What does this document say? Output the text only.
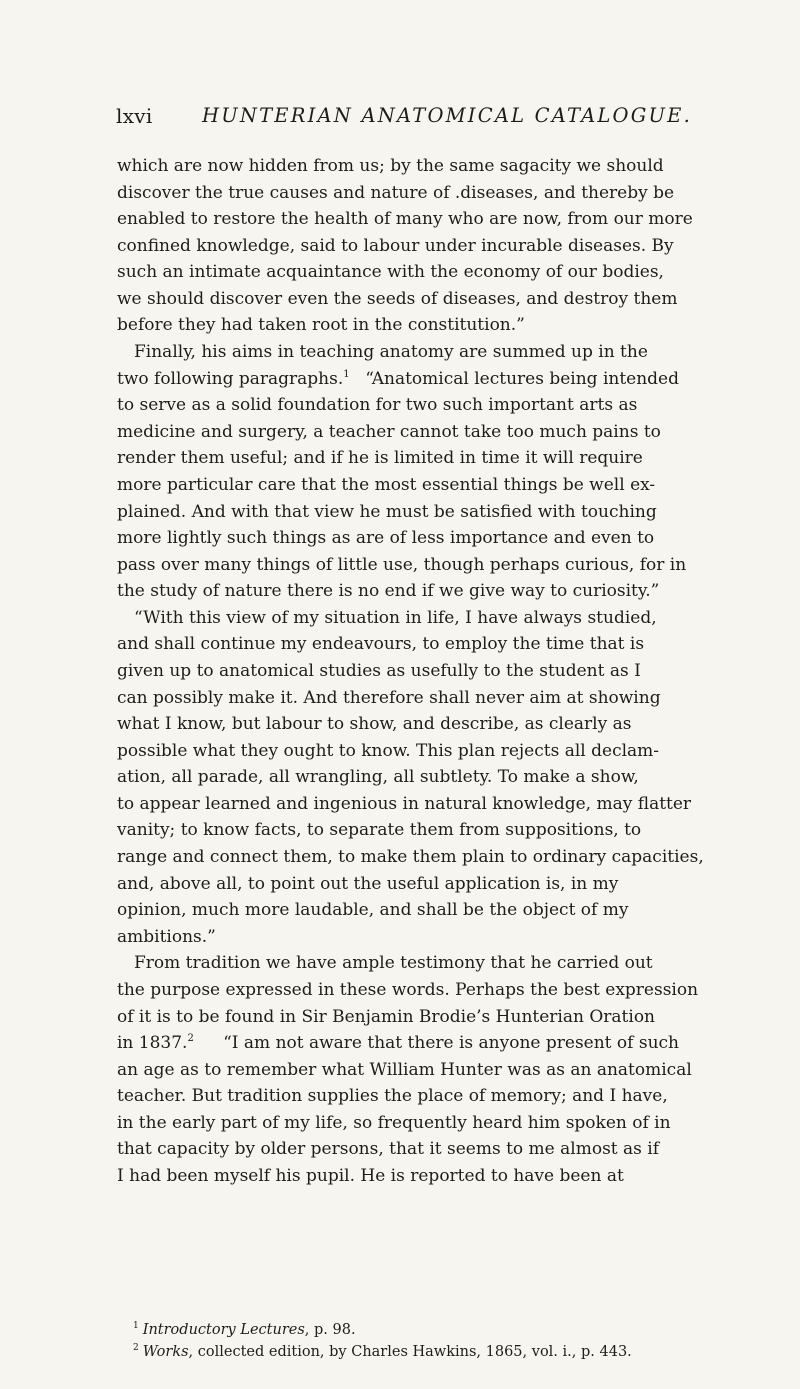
lxvi	HUNTERIAN ANATOMICAL CATALOGUE.
which are now hidden from us; by the same sagacity we should
discover the true causes and nature of .diseases, and thereby be
enabled to restore the health of many who are now, from our more
confined knowledge, said to labour under incurable diseases. By
such an intimate acquaintance with the economy of our bodies,
we should discover even the seeds of diseases, and destroy them
before they had taken root in the constitution.”
Finally, his aims in teaching anatomy are summed up in the
two following paragraphs.$^1$ “Anatomical lectures being intended
to serve as a solid foundation for two such important arts as
medicine and surgery, a teacher cannot take too much pains to
render them useful; and if he is limited in time it will require
more particular care that the most essential things be well ex-
plained. And with that view he must be satisfied with touching
more lightly such things as are of less importance and even to
pass over many things of little use, though perhaps curious, for in
the study of nature there is no end if we give way to curiosity.”
“With this view of my situation in life, I have always studied,
and shall continue my endeavours, to employ the time that is
given up to anatomical studies as usefully to the student as I
can possibly make it. And therefore shall never aim at showing
what I know, but labour to show, and describe, as clearly as
possible what they ought to know. This plan rejects all declam-
ation, all parade, all wrangling, all subtlety. To make a show,
to appear learned and ingenious in natural knowledge, may flatter
vanity; to know facts, to separate them from suppositions, to
range and connect them, to make them plain to ordinary capacities,
and, above all, to point out the useful application is, in my
opinion, much more laudable, and shall be the object of my
ambitions.”
From tradition we have ample testimony that he carried out
the purpose expressed in these words. Perhaps the best expression
of it is to be found in Sir Benjamin Brodie’s Hunterian Oration
in 1837.$^2$ “I am not aware that there is anyone present of such
an age as to remember what William Hunter was as an anatomical
teacher. But tradition supplies the place of memory; and I have,
in the early part of my life, so frequently heard him spoken of in
that capacity by older persons, that it seems to me almost as if
I had been myself his pupil. He is reported to have been at
$^1$ Introductory Lectures, p. 98.
$^2$ Works, collected edition, by Charles Hawkins, 1865, vol. i., p. 443.
